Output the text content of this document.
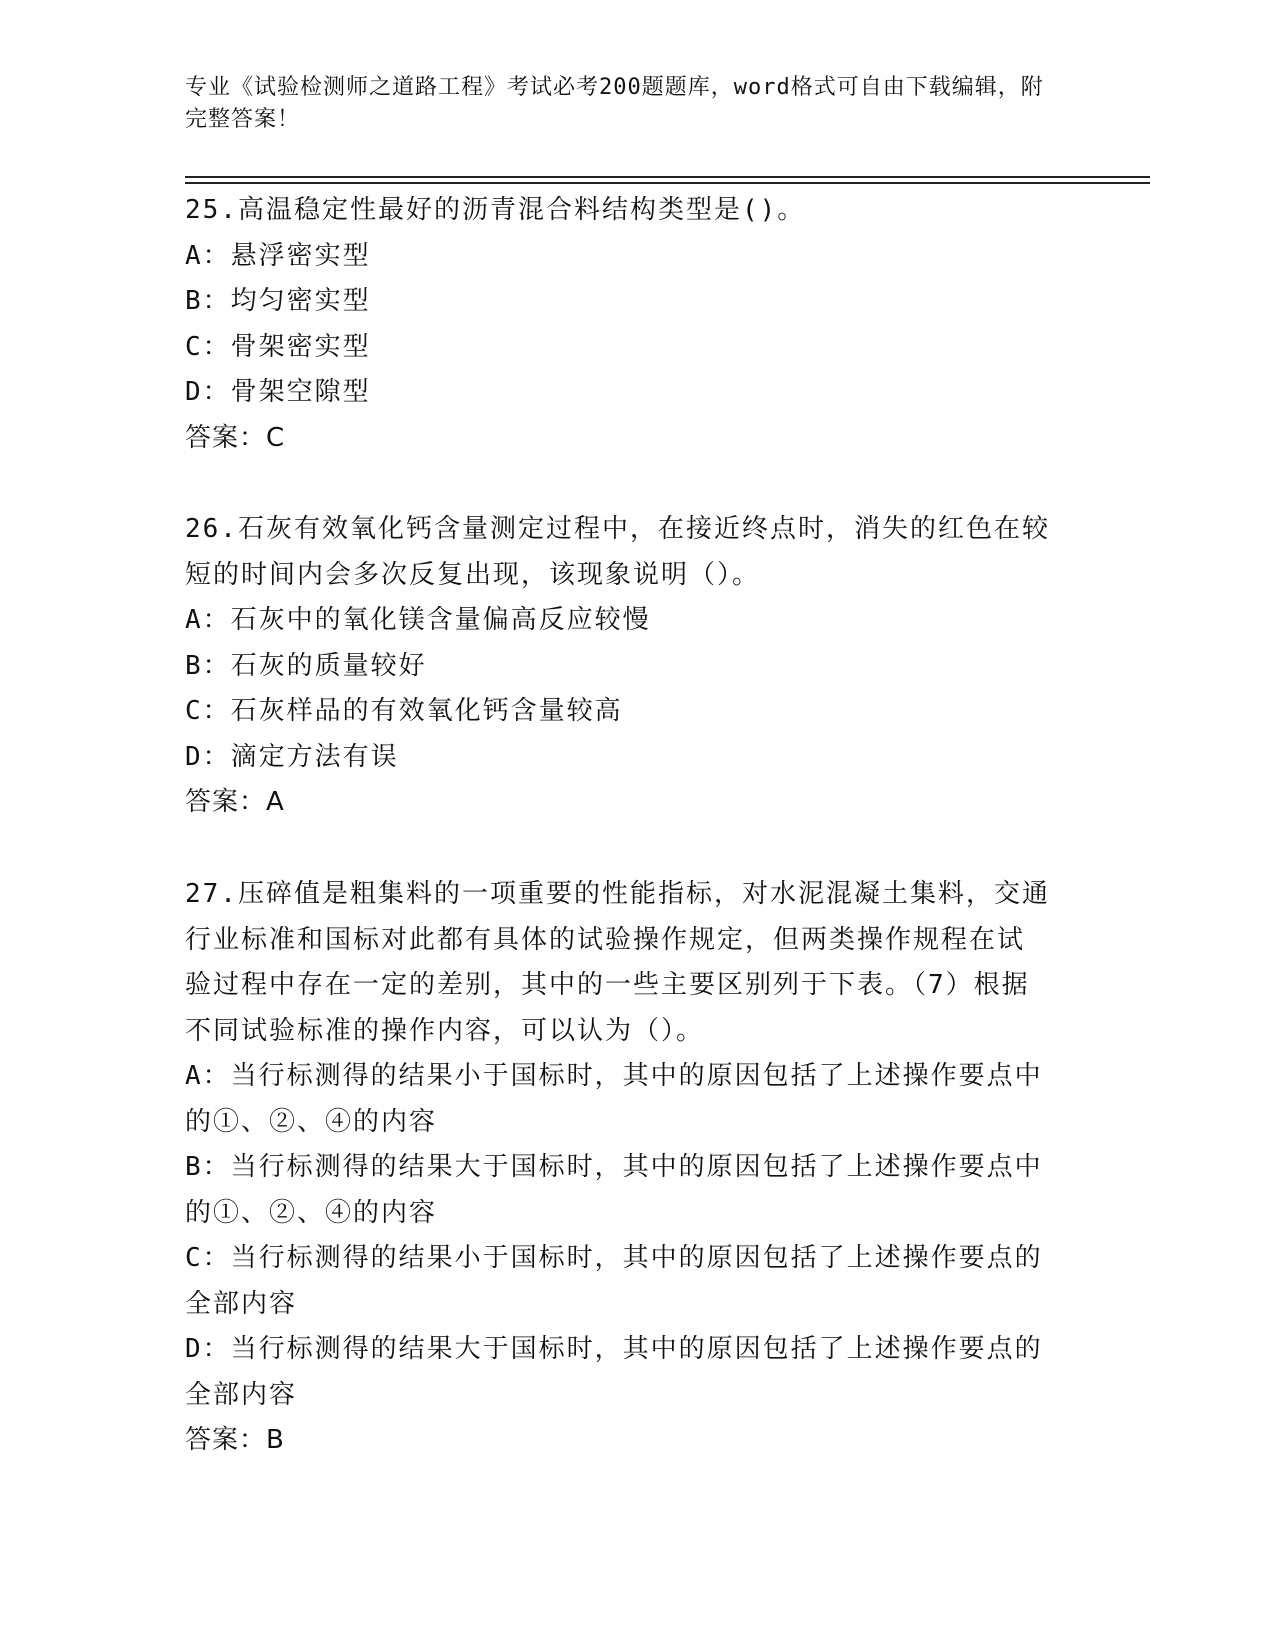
专业《试验检测师之道路工程》考试必考200题题库，word格式可自由下载编辑，附完整答案！

25.高温稳定性最好的沥青混合料结构类型是()。

A：悬浮密实型

B：均匀密实型

C：骨架密实型

D：骨架空隙型

答案：C

26.石灰有效氧化钙含量测定过程中，在接近终点时，消失的红色在较

短的时间内会多次反复出现，该现象说明（）。

A：石灰中的氧化镁含量偏高反应较慢

B：石灰的质量较好

C：石灰样品的有效氧化钙含量较高

D：滴定方法有误

答案：A

27.压碎值是粗集料的一项重要的性能指标，对水泥混凝土集料，交通

行业标准和国标对此都有具体的试验操作规定，但两类操作规程在试

验过程中存在一定的差别，其中的一些主要区别列于下表。（7）根据

不同试验标准的操作内容，可以认为（）。

A：当行标测得的结果小于国标时，其中的原因包括了上述操作要点中

的①、②、④的内容

B：当行标测得的结果大于国标时，其中的原因包括了上述操作要点中

的①、②、④的内容

C：当行标测得的结果小于国标时，其中的原因包括了上述操作要点的

全部内容

D：当行标测得的结果大于国标时，其中的原因包括了上述操作要点的

全部内容

答案：B
